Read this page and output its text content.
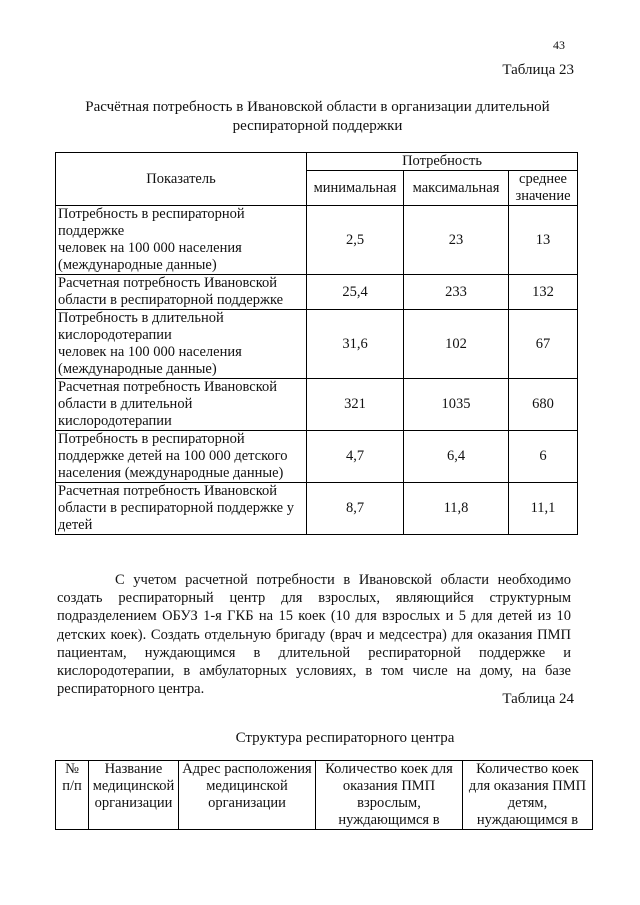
43
Таблица 23
Расчётная потребность в Ивановской области в организации длительной респираторной поддержки
Показатель	Потребность		
	минимальная	максимальная	среднее значение
Потребность в респираторной поддержке
человек на 100 000 населения (международные данные)	2,5	23	13
Расчетная потребность Ивановской области в респираторной поддержке	25,4	233	132
Потребность в длительной кислородотерапии
человек на 100 000 населения (международные данные)	31,6	102	67
Расчетная потребность Ивановской области в длительной кислородотерапии	321	1035	680
Потребность в респираторной поддержке детей на 100 000 детского населения (международные данные)	4,7	6,4	6
Расчетная потребность Ивановской области в респираторной поддержке у детей	8,7	11,8	11,1

С учетом расчетной потребности в Ивановской области необходимо создать респираторный центр для взрослых, являющийся структурным подразделением ОБУЗ 1-я ГКБ на 15 коек (10 для взрослых и 5 для детей из 10 детских коек). Создать отдельную бригаду (врач и медсестра) для оказания ПМП пациентам, нуждающимся в длительной респираторной поддержке и кислородотерапии, в амбулаторных условиях, в том числе на дому, на базе респираторного центра.

Таблица 24
Структура респираторного центра
№ п/п	Название медицинской организации	Адрес расположения медицинской организации	Количество коек для оказания ПМП взрослым, нуждающимся в	Количество коек для оказания ПМП детям, нуждающимся в
